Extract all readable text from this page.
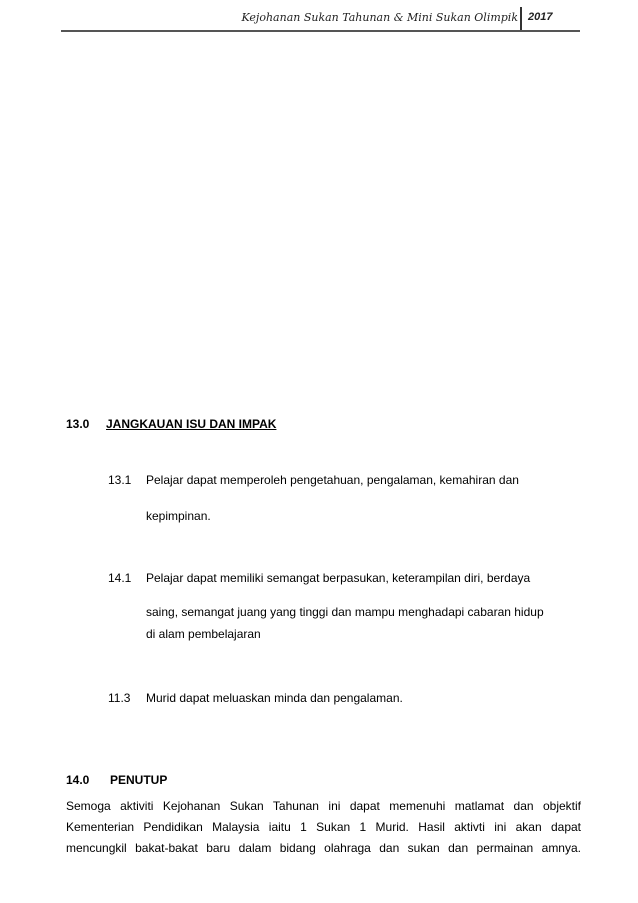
Kejohanan Sukan Tahunan & Mini Sukan Olimpik 2017
13.0 JANGKAUAN ISU DAN IMPAK
13.1 Pelajar dapat memperoleh pengetahuan, pengalaman, kemahiran dan
kepimpinan.
14.1 Pelajar dapat memiliki semangat berpasukan, keterampilan diri, berdaya
saing, semangat juang yang tinggi dan mampu menghadapi cabaran hidup
di alam pembelajaran
11.3 Murid dapat meluaskan minda dan pengalaman.
14.0 PENUTUP
Semoga aktiviti Kejohanan Sukan Tahunan ini dapat memenuhi matlamat dan objektif
Kementerian Pendidikan Malaysia iaitu 1 Sukan 1 Murid. Hasil aktivti ini akan dapat
mencungkil bakat-bakat baru dalam bidang olahraga dan sukan dan permainan amnya.
